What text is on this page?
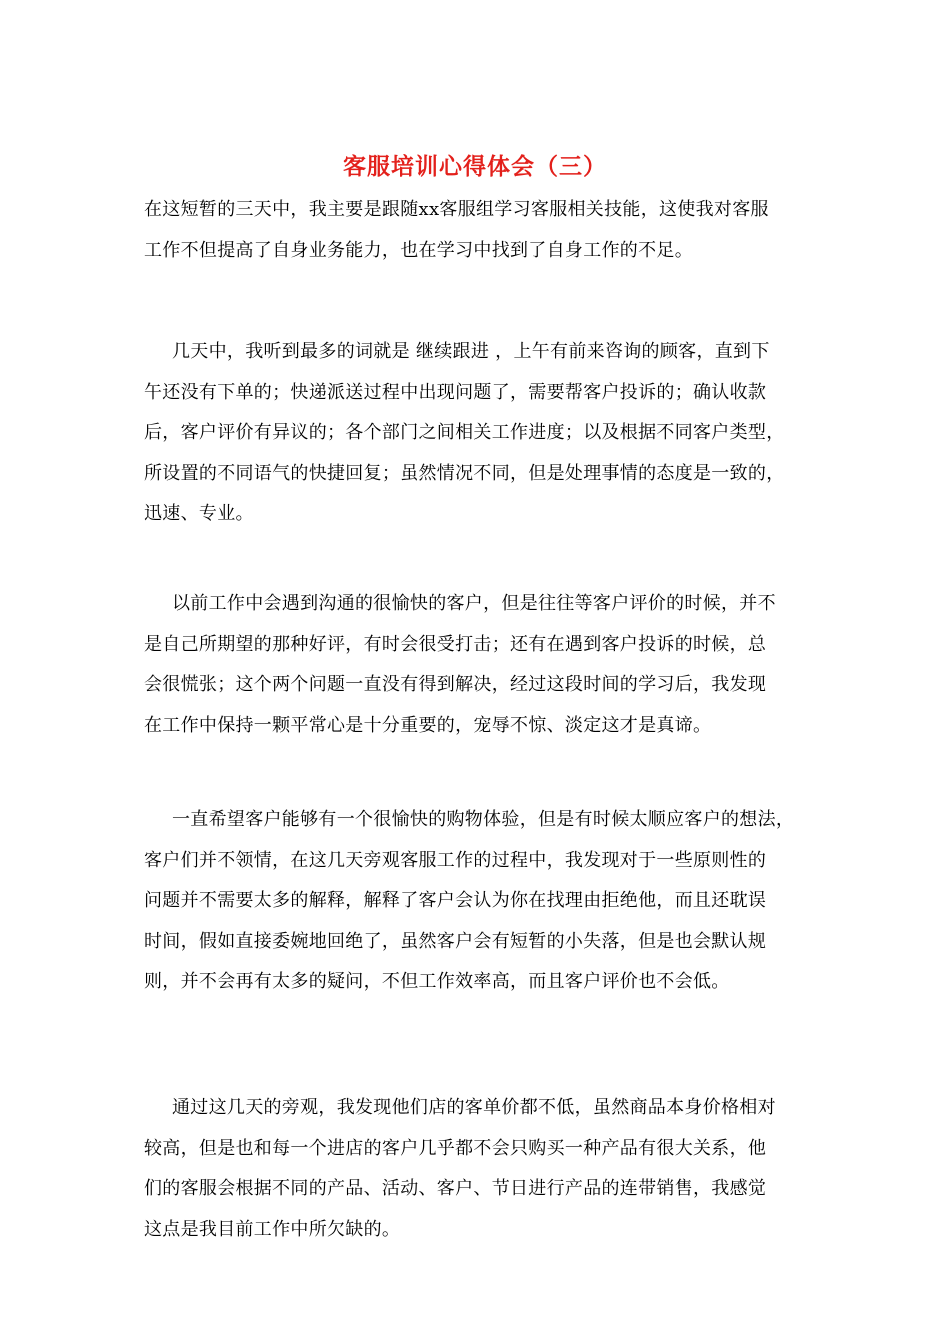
客服培训心得体会（三）
在这短暂的三天中，我主要是跟随xx客服组学习客服相关技能，这使我对客服
工作不但提高了自身业务能力，也在学习中找到了自身工作的不足。
几天中，我听到最多的词就是 继续跟进 ，上午有前来咨询的顾客，直到下
午还没有下单的；快递派送过程中出现问题了，需要帮客户投诉的；确认收款
后，客户评价有异议的；各个部门之间相关工作进度；以及根据不同客户类型，
所设置的不同语气的快捷回复；虽然情况不同，但是处理事情的态度是一致的，
迅速、专业。
以前工作中会遇到沟通的很愉快的客户，但是往往等客户评价的时候，并不
是自己所期望的那种好评，有时会很受打击；还有在遇到客户投诉的时候，总
会很慌张；这个两个问题一直没有得到解决，经过这段时间的学习后，我发现
在工作中保持一颗平常心是十分重要的，宠辱不惊、淡定这才是真谛。
一直希望客户能够有一个很愉快的购物体验，但是有时候太顺应客户的想法，
客户们并不领情，在这几天旁观客服工作的过程中，我发现对于一些原则性的
问题并不需要太多的解释，解释了客户会认为你在找理由拒绝他，而且还耽误
时间，假如直接委婉地回绝了，虽然客户会有短暂的小失落，但是也会默认规
则，并不会再有太多的疑问，不但工作效率高，而且客户评价也不会低。
通过这几天的旁观，我发现他们店的客单价都不低，虽然商品本身价格相对
较高，但是也和每一个进店的客户几乎都不会只购买一种产品有很大关系，他
们的客服会根据不同的产品、活动、客户、节日进行产品的连带销售，我感觉
这点是我目前工作中所欠缺的。
